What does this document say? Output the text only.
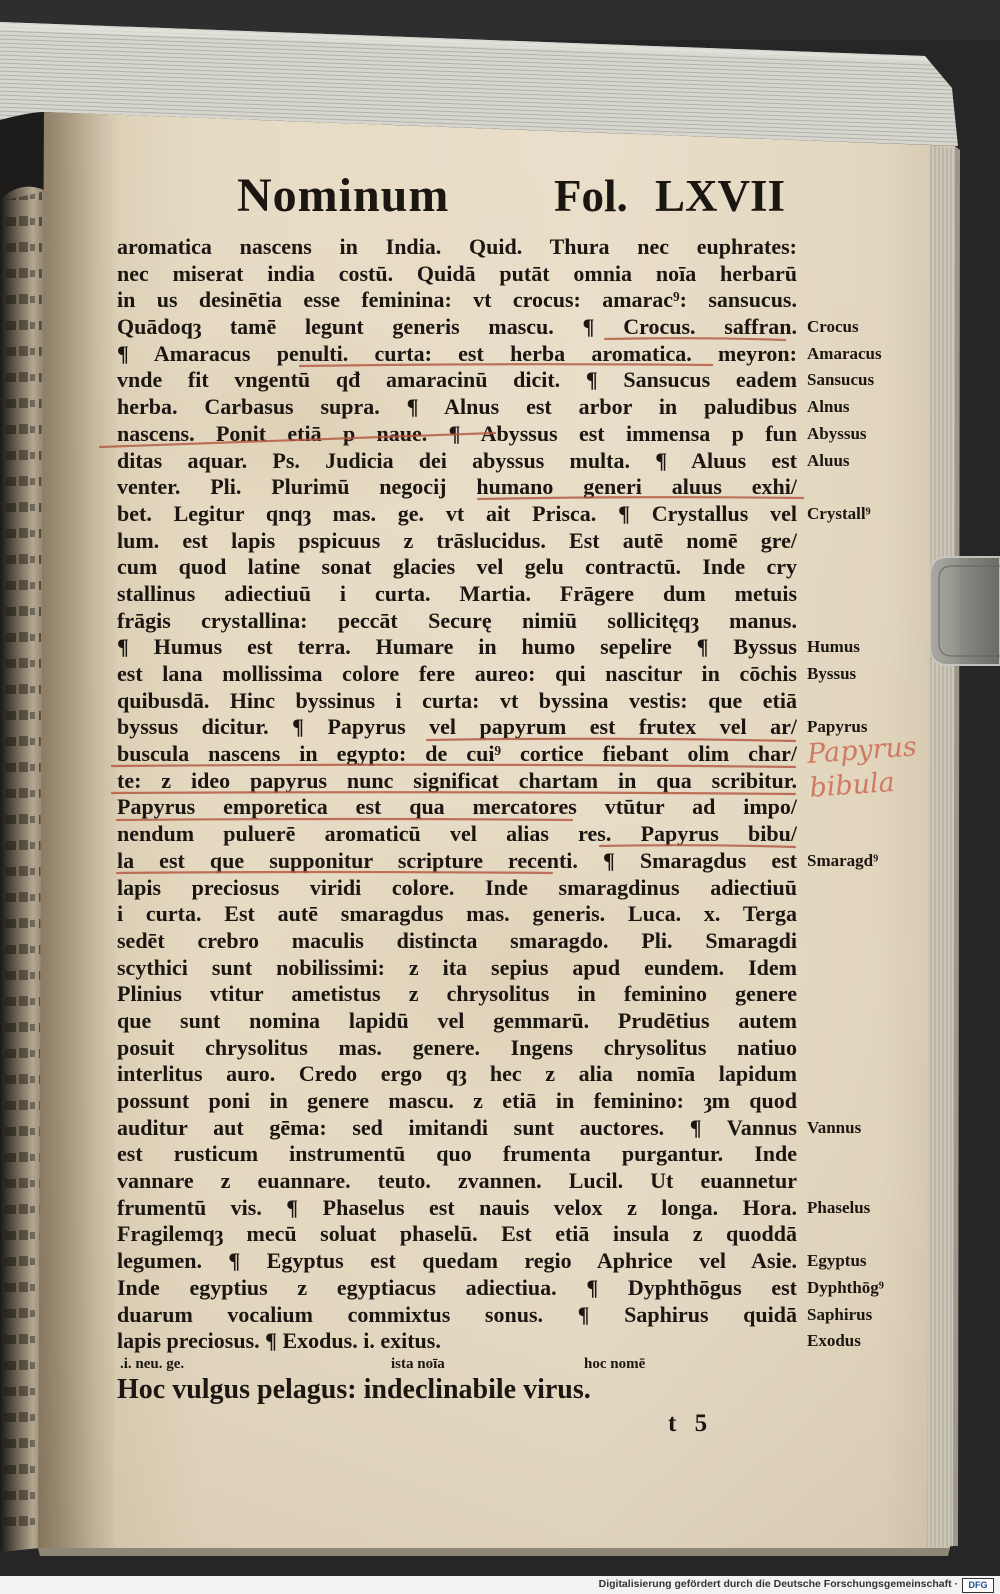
Nominum Fol. LXVII
aromatica nascens in India. Quid. Thura nec euphrates:
nec miserat india costū. Quidā putāt omnia noīa herbarū
in us desinētia esse feminina: vt crocus: amarac⁹: sansucus.
Quādoqȝ tamē legunt generis mascu. ¶ Crocus. saffran. Crocus
¶ Amaracus penulti. curta: est herba aromatica. meyron: Amaracus
vnde fit vngentū qđ amaracinū dicit. ¶ Sansucus eadem Sansucus
herba. Carbasus supra. ¶ Alnus est arbor in paludibus Alnus
nascens. Ponit etiā p naue. ¶ Abyssus est immensa p fun Abyssus
ditas aquar. Ps. Judicia dei abyssus multa. ¶ Aluus est Aluus
venter. Pli. Plurimū negocij humano generi aluus exhi/
bet. Legitur qnqȝ mas. ge. vt ait Prisca. ¶ Crystallus vel Crystall⁹
lum. est lapis pspicuus z trāslucidus. Est autē nomē gre/
cum quod latine sonat glacies vel gelu contractū. Inde cry
stallinus adiectiuū i curta. Martia. Frāgere dum metuis
frāgis crystallina: peccāt Securę nimiū sollicitęqȝ manus.
¶ Humus est terra. Humare in humo sepelire ¶ Byssus Humus
est lana mollissima colore fere aureo: qui nascitur in cōchis Byssus
quibusdā. Hinc byssinus i curta: vt byssina vestis: que etiā
byssus dicitur. ¶ Papyrus vel papyrum est frutex vel ar/ Papyrus
buscula nascens in egypto: de cui⁹ cortice fiebant olim char/
te: z ideo papyrus nunc significat chartam in qua scribitur.
Papyrus emporetica est qua mercatores vtūtur ad impo/
nendum puluerē aromaticū vel alias res. Papyrus bibu/
la est que supponitur scripture recenti. ¶ Smaragdus est Smaragd⁹
lapis preciosus viridi colore. Inde smaragdinus adiectiuū
i curta. Est autē smaragdus mas. generis. Luca. x. Terga
sedēt crebro maculis distincta smaragdo. Pli. Smaragdi
scythici sunt nobilissimi: z ita sepius apud eundem. Idem
Plinius vtitur ametistus z chrysolitus in feminino genere
que sunt nomina lapidū vel gemmarū. Prudētius autem
posuit chrysolitus mas. genere. Ingens chrysolitus natiuo
interlitus auro. Credo ergo qȝ hec z alia nomīa lapidum
possunt poni in genere mascu. z etiā in feminino: ȝm quod
auditur aut gēma: sed imitandi sunt auctores. ¶ Vannus Vannus
est rusticum instrumentū quo frumenta purgantur. Inde
vannare z euannare. teuto. zvannen. Lucil. Ut euannetur
frumentū vis. ¶ Phaselus est nauis velox z longa. Hora. Phaselus
Fragilemqȝ mecū soluat phaselū. Est etiā insula z quoddā
legumen. ¶ Egyptus est quedam regio Aphrice vel Asie. Egyptus
Inde egyptius z egyptiacus adiectiua. ¶ Dyphthōgus est Dyphthōg⁹
duarum vocalium commixtus sonus. ¶ Saphirus quidā Saphirus
lapis preciosus. ¶ Exodus. i. exitus.	Exodus
Papyrus
bibula
.i. neu. ge.	ista noīa	hoc nomē
Hoc vulgus pelagus: indeclinabile virus.
t 5
Digitalisierung gefördert durch die Deutsche Forschungsgemeinschaft ·	DFG
